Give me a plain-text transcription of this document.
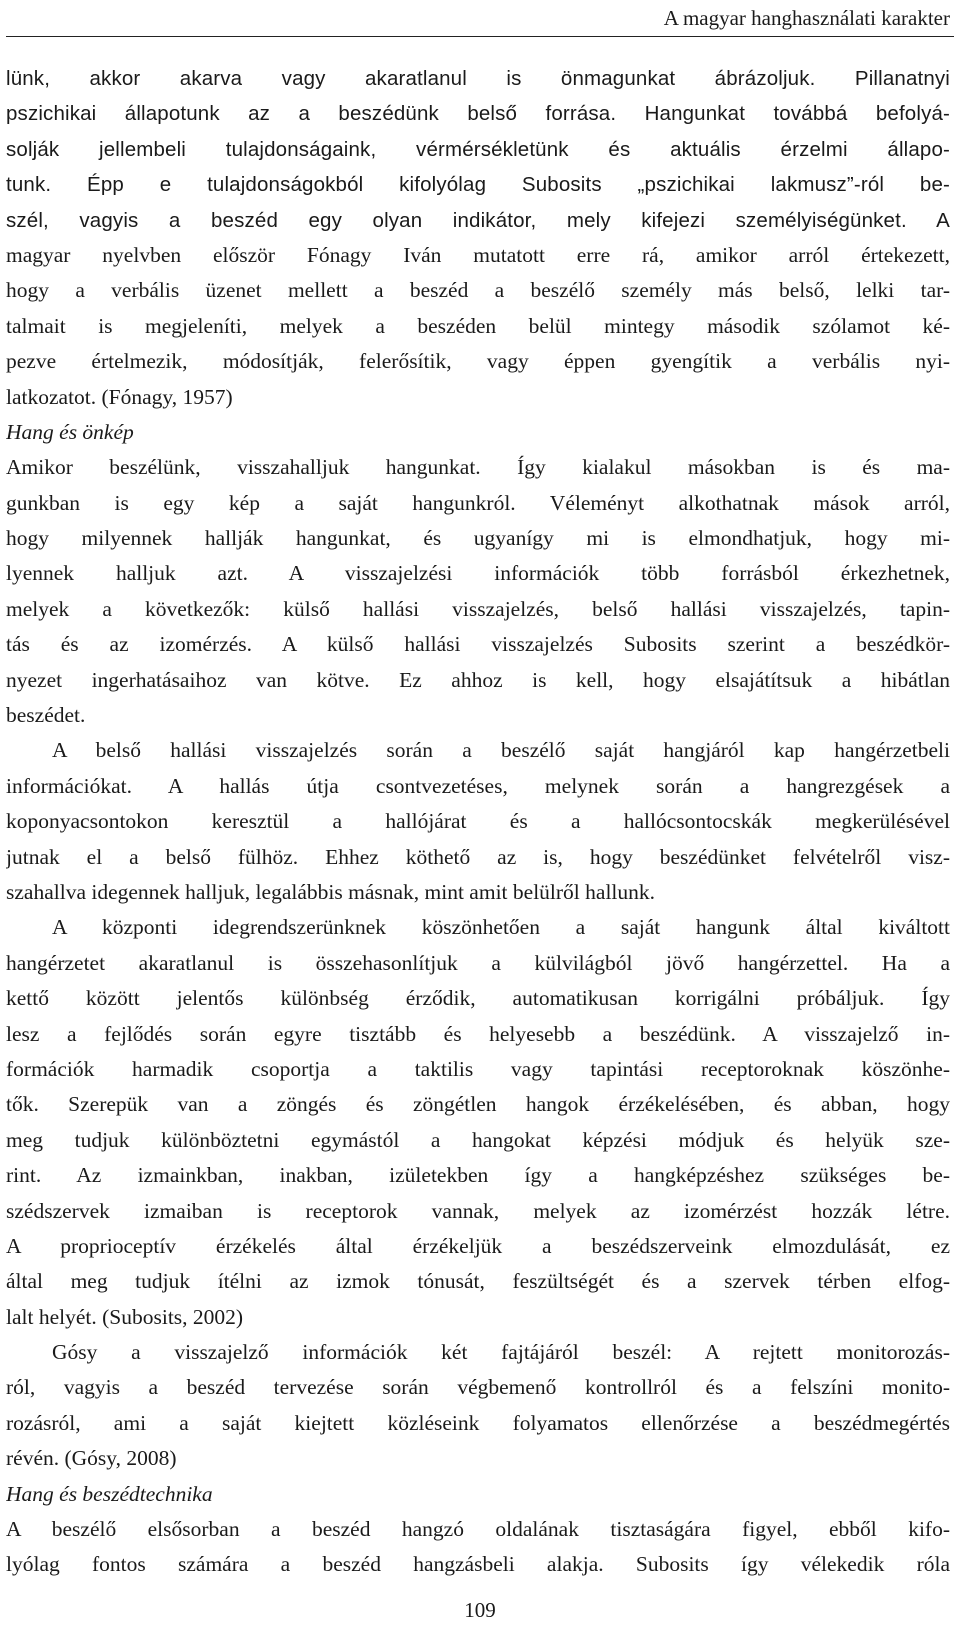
A magyar hanghasználati karakter
lünk, akkor akarva vagy akaratlanul is önmagunkat ábrázoljuk. Pillanatnyi
pszichikai állapotunk az a beszédünk belső forrása. Hangunkat továbbá befolyá-
solják jellembeli tulajdonságaink, vérmérsékletünk és aktuális érzelmi állapo-
tunk. Épp e tulajdonságokból kifolyólag Subosits „pszichikai lakmusz”-ról be-
szél, vagyis a beszéd egy olyan indikátor, mely kifejezi személyiségünket. A
magyar nyelvben először Fónagy Iván mutatott erre rá, amikor arról értekezett,
hogy a verbális üzenet mellett a beszéd a beszélő személy más belső, lelki tar-
talmait is megjeleníti, melyek a beszéden belül mintegy második szólamot ké-
pezve értelmezik, módosítják, felerősítik, vagy éppen gyengítik a verbális nyi-
latkozatot. (Fónagy, 1957)
Hang és önkép
Amikor beszélünk, visszahalljuk hangunkat. Így kialakul másokban is és ma-
gunkban is egy kép a saját hangunkról. Véleményt alkothatnak mások arról,
hogy milyennek hallják hangunkat, és ugyanígy mi is elmondhatjuk, hogy mi-
lyennek halljuk azt. A visszajelzési információk több forrásból érkezhetnek,
melyek a következők: külső hallási visszajelzés, belső hallási visszajelzés, tapin-
tás és az izomérzés. A külső hallási visszajelzés Subosits szerint a beszédkör-
nyezet ingerhatásaihoz van kötve. Ez ahhoz is kell, hogy elsajátítsuk a hibátlan
beszédet.
A belső hallási visszajelzés során a beszélő saját hangjáról kap hangérzetbeli
információkat. A hallás útja csontvezetéses, melynek során a hangrezgések a
koponyacsontokon keresztül a hallójárat és a hallócsontocskák megkerülésével
jutnak el a belső fülhöz. Ehhez köthető az is, hogy beszédünket felvételről visz-
szahallva idegennek halljuk, legalábbis másnak, mint amit belülről hallunk.
A központi idegrendszerünknek köszönhetően a saját hangunk által kiváltott
hangérzetet akaratlanul is összehasonlítjuk a külvilágból jövő hangérzettel. Ha a
kettő között jelentős különbség érződik, automatikusan korrigálni próbáljuk. Így
lesz a fejlődés során egyre tisztább és helyesebb a beszédünk. A visszajelző in-
formációk harmadik csoportja a taktilis vagy tapintási receptoroknak köszönhe-
tők. Szerepük van a zöngés és zöngétlen hangok érzékelésében, és abban, hogy
meg tudjuk különböztetni egymástól a hangokat képzési módjuk és helyük sze-
rint. Az izmainkban, inakban, izületekben így a hangképzéshez szükséges be-
szédszervek izmaiban is receptorok vannak, melyek az izomérzést hozzák létre.
A proprioceptív érzékelés által érzékeljük a beszédszerveink elmozdulását, ez
által meg tudjuk ítélni az izmok tónusát, feszültségét és a szervek térben elfog-
lalt helyét. (Subosits, 2002)
Gósy a visszajelző információk két fajtájáról beszél: A rejtett monitorozás-
ról, vagyis a beszéd tervezése során végbemenő kontrollról és a felszíni monito-
rozásról, ami a saját kiejtett közléseink folyamatos ellenőrzése a beszédmegértés
révén. (Gósy, 2008)
Hang és beszédtechnika
A beszélő elsősorban a beszéd hangzó oldalának tisztaságára figyel, ebből kifo-
lyólag fontos számára a beszéd hangzásbeli alakja. Subosits így vélekedik róla
109
